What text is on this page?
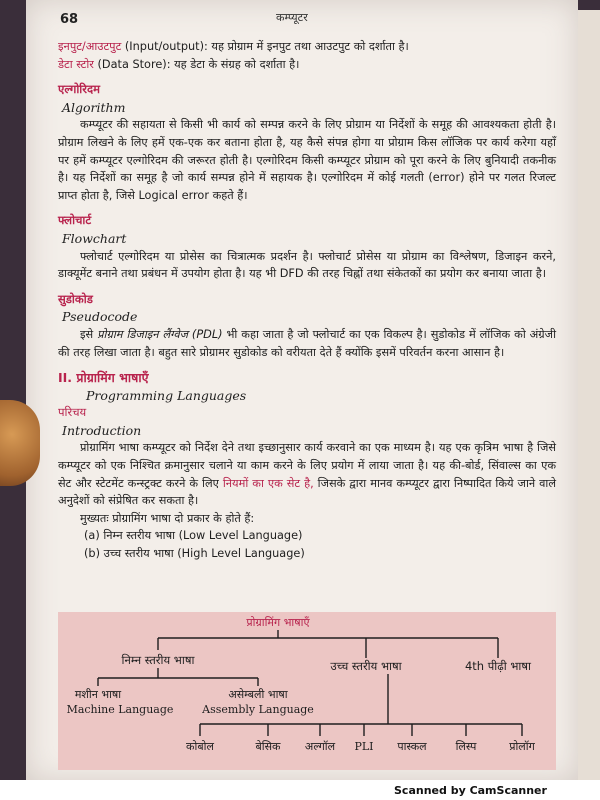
68	कम्प्यूटर

इनपुट/आउटपुट (Input/output): यह प्रोग्राम में इनपुट तथा आउटपुट को दर्शाता है।

डेटा स्टोर (Data Store): यह डेटा के संग्रह को दर्शाता है।

एल्गोरिदम
Algorithm

कम्प्यूटर की सहायता से किसी भी कार्य को सम्पन्न करने के लिए प्रोग्राम या निर्देशों के समूह की आवश्यकता होती है। प्रोग्राम लिखने के लिए हमें एक-एक कर बताना होता है, यह कैसे संपन्न होगा या प्रोग्राम किस लॉजिक पर कार्य करेगा यहाँ पर हमें कम्प्यूटर एल्गोरिदम की जरूरत होती है। एल्गोरिदम किसी कम्प्यूटर प्रोग्राम को पूरा करने के लिए बुनियादी तकनीक है। यह निर्देशों का समूह है जो कार्य सम्पन्न होने में सहायक है। एल्गोरिदम में कोई गलती (error) होने पर गलत रिजल्ट प्राप्त होता है, जिसे Logical error कहते हैं।

फ्लोचार्ट
Flowchart

फ्लोचार्ट एल्गोरिदम या प्रोसेस का चित्रात्मक प्रदर्शन है। फ्लोचार्ट प्रोसेस या प्रोग्राम का विश्लेषण, डिजाइन करने, डाक्यूमेंट बनाने तथा प्रबंधन में उपयोग होता है। यह भी DFD की तरह चिह्नों तथा संकेतकों का प्रयोग कर बनाया जाता है।

सुडोकोड
Pseudocode

इसे प्रोग्राम डिजाइन लैंग्वेज (PDL) भी कहा जाता है जो फ्लोचार्ट का एक विकल्प है। सुडोकोड में लॉजिक को अंग्रेजी की तरह लिखा जाता है। बहुत सारे प्रोग्रामर सुडोकोड को वरीयता देते हैं क्योंकि इसमें परिवर्तन करना आसान है।

II. प्रोग्रामिंग भाषाएँ
Programming Languages
परिचय
Introduction

प्रोग्रामिंग भाषा कम्प्यूटर को निर्देश देने तथा इच्छानुसार कार्य करवाने का एक माध्यम है। यह एक कृत्रिम भाषा है जिसे कम्प्यूटर को एक निश्चित क्रमानुसार चलाने या काम करने के लिए प्रयोग में लाया जाता है। यह की-बोर्ड, सिंवाल्स का एक सेट और स्टेटमेंट कन्स्ट्रक्ट करने के लिए नियमों का एक सेट है, जिसके द्वारा मानव कम्प्यूटर द्वारा निष्पादित किये जाने वाले अनुदेशों को संप्रेषित कर सकता है।

मुख्यतः प्रोग्रामिंग भाषा दो प्रकार के होते हैं:

(a) निम्न स्तरीय भाषा (Low Level Language)
(b) उच्च स्तरीय भाषा (High Level Language)
प्रोग्रामिंग भाषाएँ
निम्न स्तरीय भाषा	उच्च स्तरीय भाषा	4th पीढ़ी भाषा
मशीन भाषा
Machine Language
असेम्बली भाषा
Assembly Language
कोबोल	बेसिक अल्गॉल PLI पास्कल	लिस्प	प्रोलॉग
Scanned by CamScanner
